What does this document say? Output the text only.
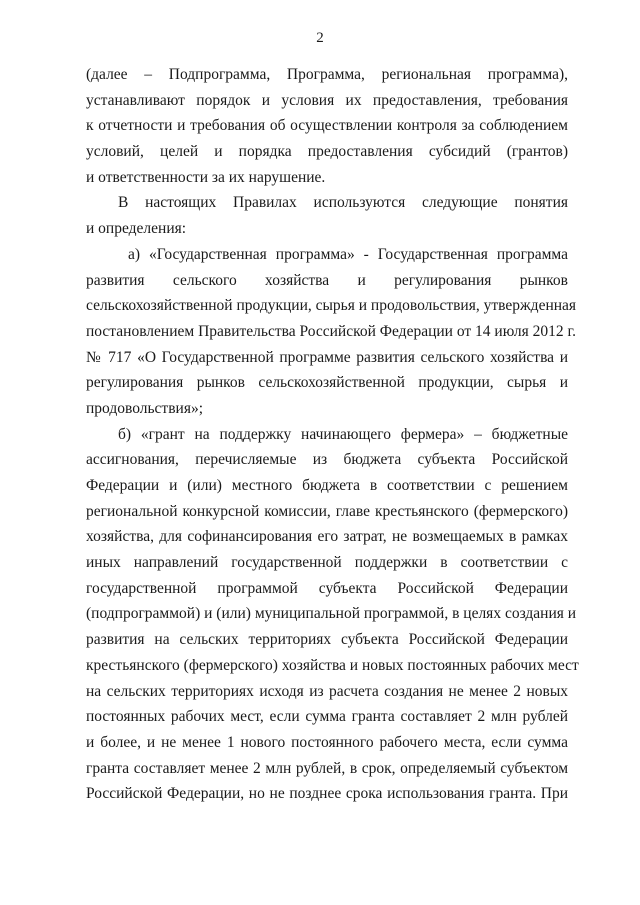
2
(далее – Подпрограмма, Программа, региональная программа),
устанавливают порядок и условия их предоставления, требования
к отчетности и требования об осуществлении контроля за соблюдением
условий, целей и порядка предоставления субсидий (грантов)
и ответственности за их нарушение.
В настоящих Правилах используются следующие понятия
и определения:
а) «Государственная программа» - Государственная программа
развития сельского хозяйства и регулирования рынков
сельскохозяйственной продукции, сырья и продовольствия, утвержденная
постановлением Правительства Российской Федерации от 14 июля 2012 г.
№ 717 «О Государственной программе развития сельского хозяйства и
регулирования рынков сельскохозяйственной продукции, сырья и
продовольствия»;
б) «грант на поддержку начинающего фермера» – бюджетные
ассигнования, перечисляемые из бюджета субъекта Российской
Федерации и (или) местного бюджета в соответствии с решением
региональной конкурсной комиссии, главе крестьянского (фермерского)
хозяйства, для софинансирования его затрат, не возмещаемых в рамках
иных направлений государственной поддержки в соответствии с
государственной программой субъекта Российской Федерации
(подпрограммой) и (или) муниципальной программой, в целях создания и
развития на сельских территориях субъекта Российской Федерации
крестьянского (фермерского) хозяйства и новых постоянных рабочих мест
на сельских территориях исходя из расчета создания не менее 2 новых
постоянных рабочих мест, если сумма гранта составляет 2 млн рублей
и более, и не менее 1 нового постоянного рабочего места, если сумма
гранта составляет менее 2 млн рублей, в срок, определяемый субъектом
Российской Федерации, но не позднее срока использования гранта. При
